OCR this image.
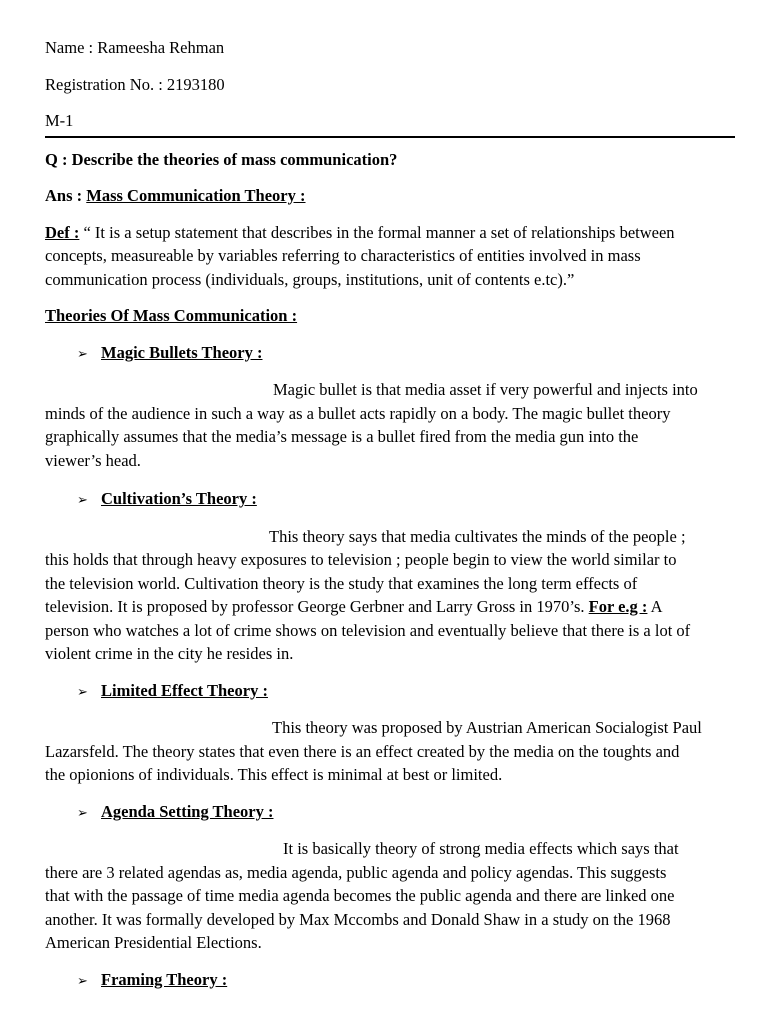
Name : Rameesha Rehman
Registration No. : 2193180
M-1
Q : Describe the theories of mass communication?
Ans : Mass Communication Theory :
Def : “ It is a setup statement that describes in the formal manner a set of relationships between
concepts, measureable by variables referring to characteristics of entities involved in mass
communication process (individuals, groups, institutions, unit of contents e.tc).”
Theories Of Mass Communication :
➢ Magic Bullets Theory :
Magic bullet is that media asset if very powerful and injects into
minds of the audience in such a way as a bullet acts rapidly on a body. The magic bullet theory
graphically assumes that the media’s message is a bullet fired from the media gun into the
viewer’s head.
➢ Cultivation’s Theory :
This theory says that media cultivates the minds of the people ;
this holds that through heavy exposures to television ; people begin to view the world similar to
the television world. Cultivation theory is the study that examines the long term effects of
television. It is proposed by professor George Gerbner and Larry Gross in 1970’s. For e.g : A
person who watches a lot of crime shows on television and eventually believe that there is a lot of
violent crime in the city he resides in.
➢ Limited Effect Theory :
This theory was proposed by Austrian American Socialogist Paul
Lazarsfeld. The theory states that even there is an effect created by the media on the toughts and
the opionions of individuals. This effect is minimal at best or limited.
➢ Agenda Setting Theory :
It is basically theory of strong media effects which says that
there are 3 related agendas as, media agenda, public agenda and policy agendas. This suggests
that with the passage of time media agenda becomes the public agenda and there are linked one
another. It was formally developed by Max Mccombs and Donald Shaw in a study on the 1968
American Presidential Elections.
➢ Framing Theory :
